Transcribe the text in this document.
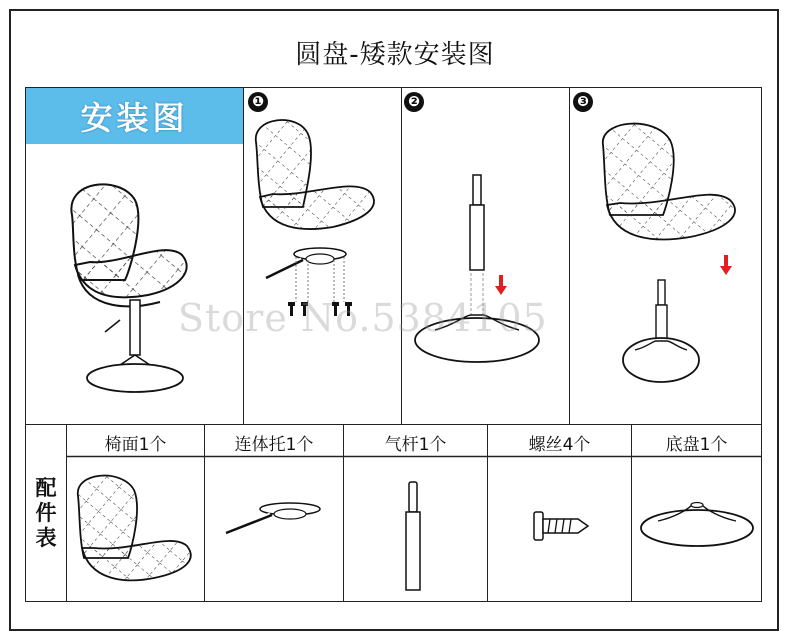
圆盘-矮款安装图
安装图	❶	❷	❸
Store No.5384105
配
件
表
椅面1个	连体托1个	气杆1个	螺丝4个	底盘1个
